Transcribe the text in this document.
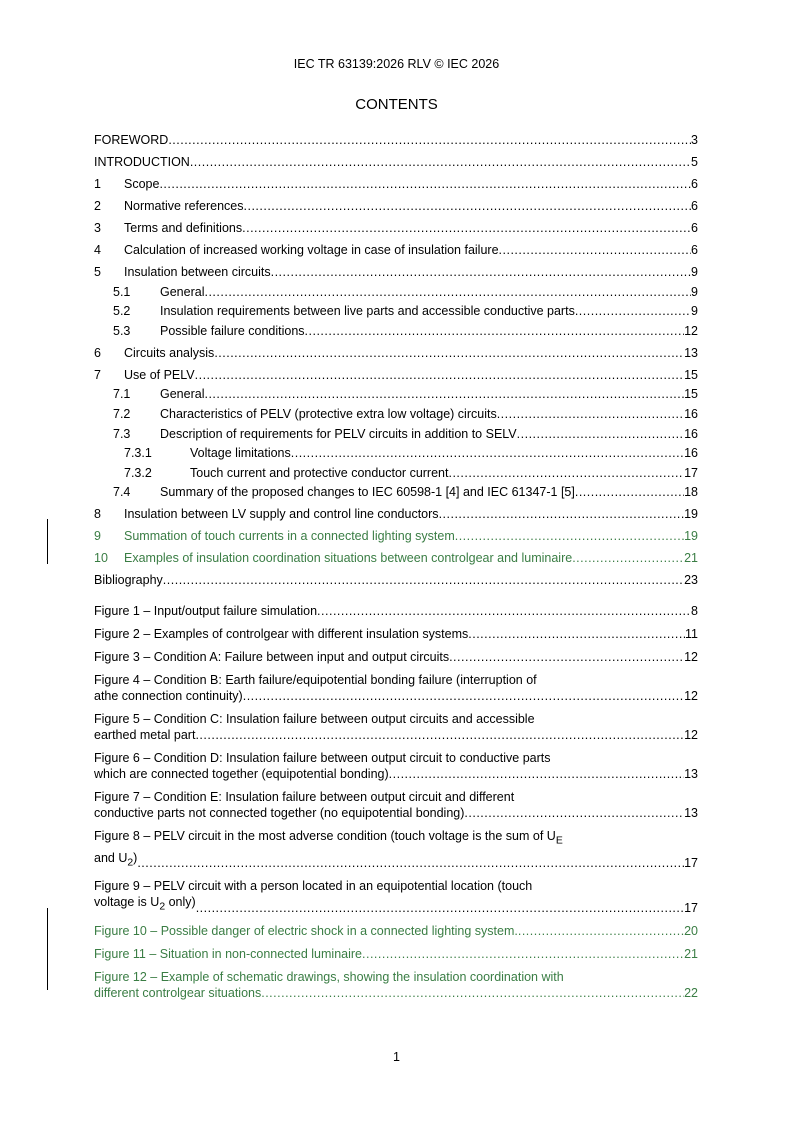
IEC TR 63139:2026 RLV © IEC 2026
CONTENTS
FOREWORD .....	3
INTRODUCTION .....	5
1	Scope .....	6
2	Normative references .....	6
3	Terms and definitions .....	6
4	Calculation of increased working voltage in case of insulation failure .....	6
5	Insulation between circuits .....	9
5.1	General .....	9
5.2	Insulation requirements between live parts and accessible conductive parts .....	9
5.3	Possible failure conditions .....	12
6	Circuits analysis .....	13
7	Use of PELV .....	15
7.1	General .....	15
7.2	Characteristics of PELV (protective extra low voltage) circuits .....	16
7.3	Description of requirements for PELV circuits in addition to SELV .....	16
7.3.1	Voltage limitations .....	16
7.3.2	Touch current and protective conductor current .....	17
7.4	Summary of the proposed changes to IEC 60598-1 [4] and IEC 61347-1 [5] .....	18
8	Insulation between LV supply and control line conductors .....	19
9	Summation of touch currents in a connected lighting system .....	19
10	Examples of insulation coordination situations between controlgear and luminaire .....	21
Bibliography .....	23
Figure 1 – Input/output failure simulation .....	8
Figure 2 – Examples of controlgear with different insulation systems .....	11
Figure 3 – Condition A: Failure between input and output circuits .....	12
Figure 4 – Condition B: Earth failure/equipotential bonding failure (interruption of
athe connection continuity) .....	12
Figure 5 – Condition C: Insulation failure between output circuits and accessible
earthed metal part .....	12
Figure 6 – Condition D: Insulation failure between output circuit to conductive parts
which are connected together (equipotential bonding) .....	13
Figure 7 – Condition E: Insulation failure between output circuit and different
conductive parts not connected together (no equipotential bonding) .....	13
Figure 8 – PELV circuit in the most adverse condition (touch voltage is the sum of $U_E$
and $U_2$) .....	17
Figure 9 – PELV circuit with a person located in an equipotential location (touch
voltage is $U_2$ only) .....	17
Figure 10 – Possible danger of electric shock in a connected lighting system. .....	20
Figure 11 – Situation in non-connected luminaire .....	21
Figure 12 – Example of schematic drawings, showing the insulation coordination with
different controlgear situations .....	22
1
